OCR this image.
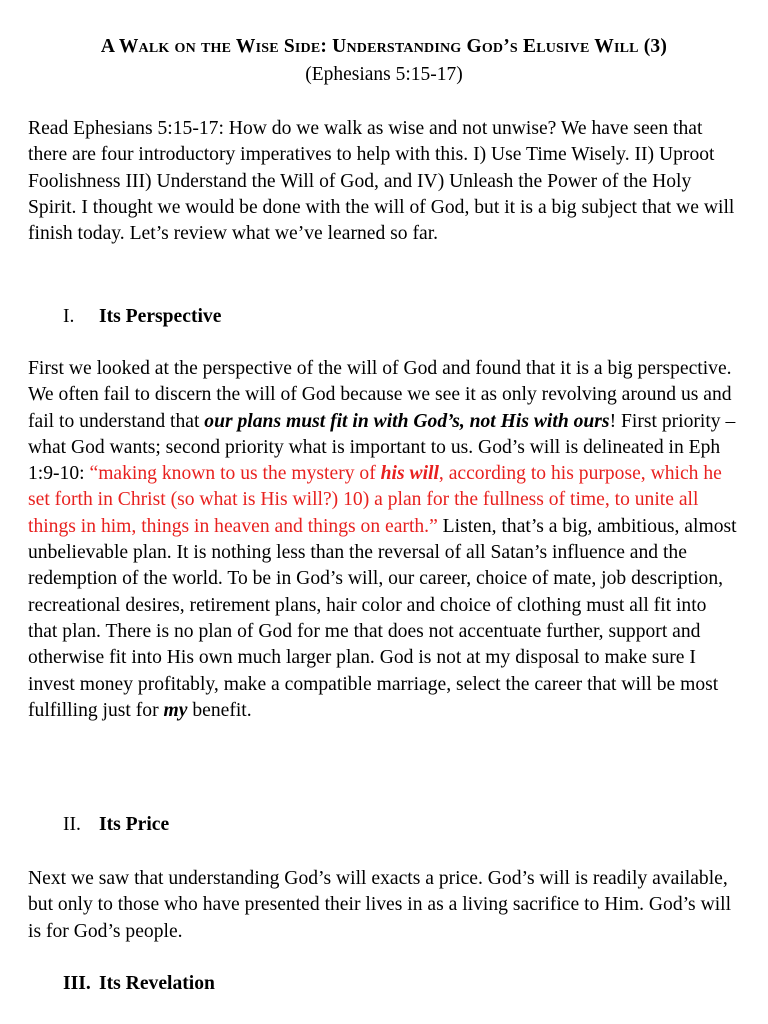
A Walk on the Wise Side: Understanding God’s Elusive Will (3)
(Ephesians 5:15-17)

Read Ephesians 5:15-17: How do we walk as wise and not unwise? We have seen that there are four introductory imperatives to help with this. I) Use Time Wisely. II) Uproot Foolishness III) Understand the Will of God, and IV) Unleash the Power of the Holy Spirit. I thought we would be done with the will of God, but it is a big subject that we will finish today. Let’s review what we’ve learned so far.

I. Its Perspective

First we looked at the perspective of the will of God and found that it is a big perspective. We often fail to discern the will of God because we see it as only revolving around us and fail to understand that our plans must fit in with God’s, not His with ours! First priority – what God wants; second priority what is important to us. God’s will is delineated in Eph 1:9-10: “making known to us the mystery of his will, according to his purpose, which he set forth in Christ (so what is His will?) 10) a plan for the fullness of time, to unite all things in him, things in heaven and things on earth.” Listen, that’s a big, ambitious, almost unbelievable plan. It is nothing less than the reversal of all Satan’s influence and the redemption of the world. To be in God’s will, our career, choice of mate, job description, recreational desires, retirement plans, hair color and choice of clothing must all fit into that plan. There is no plan of God for me that does not accentuate further, support and otherwise fit into His own much larger plan. God is not at my disposal to make sure I invest money profitably, make a compatible marriage, select the career that will be most fulfilling just for my benefit.

II. Its Price

Next we saw that understanding God’s will exacts a price. God’s will is readily available, but only to those who have presented their lives in as a living sacrifice to Him. God’s will is for God’s people.

III. Its Revelation
